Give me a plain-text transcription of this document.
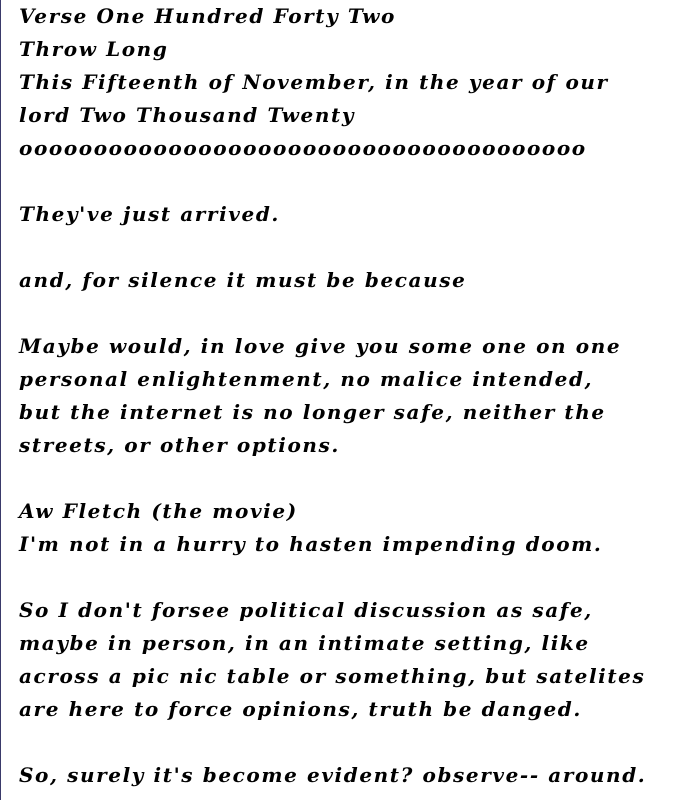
Verse One Hundred Forty Two
Throw Long
This Fifteenth of November, in the year of our
lord Two Thousand Twenty
oooooooooooooooooooooooooooooooooooooo
They've just arrived.
and, for silence it must be because
Maybe would, in love give you some one on one
personal enlightenment, no malice intended,
but the internet is no longer safe, neither the
streets, or other options.
Aw Fletch (the movie)
I'm not in a hurry to hasten impending doom.
So I don't forsee political discussion as safe,
maybe in person, in an intimate setting, like
across a pic nic table or something, but satelites
are here to force opinions, truth be danged.
So, surely it's become evident? observe-- around.
